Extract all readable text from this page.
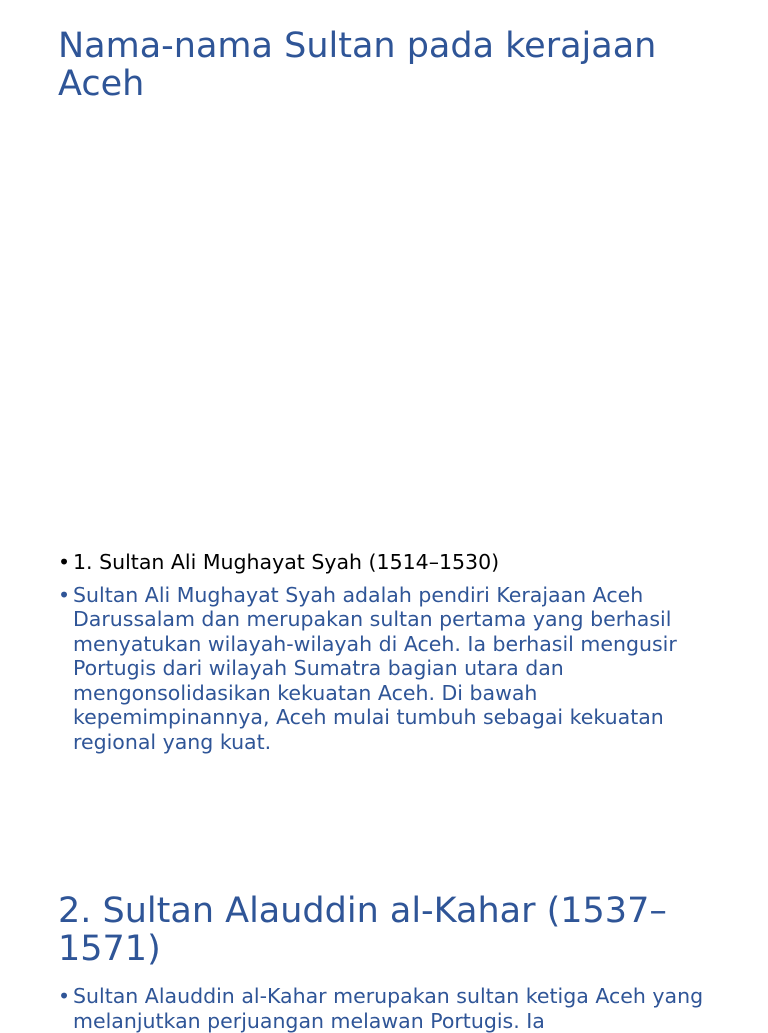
Nama-nama Sultan pada kerajaan Aceh
• 1. Sultan Ali Mughayat Syah (1514–1530)
• Sultan Ali Mughayat Syah adalah pendiri Kerajaan Aceh Darussalam dan merupakan sultan pertama yang berhasil menyatukan wilayah-wilayah di Aceh. Ia berhasil mengusir Portugis dari wilayah Sumatra bagian utara dan mengonsolidasikan kekuatan Aceh. Di bawah kepemimpinannya, Aceh mulai tumbuh sebagai kekuatan regional yang kuat.
2. Sultan Alauddin al-Kahar (1537–1571)
• Sultan Alauddin al-Kahar merupakan sultan ketiga Aceh yang melanjutkan perjuangan melawan Portugis. Ia
